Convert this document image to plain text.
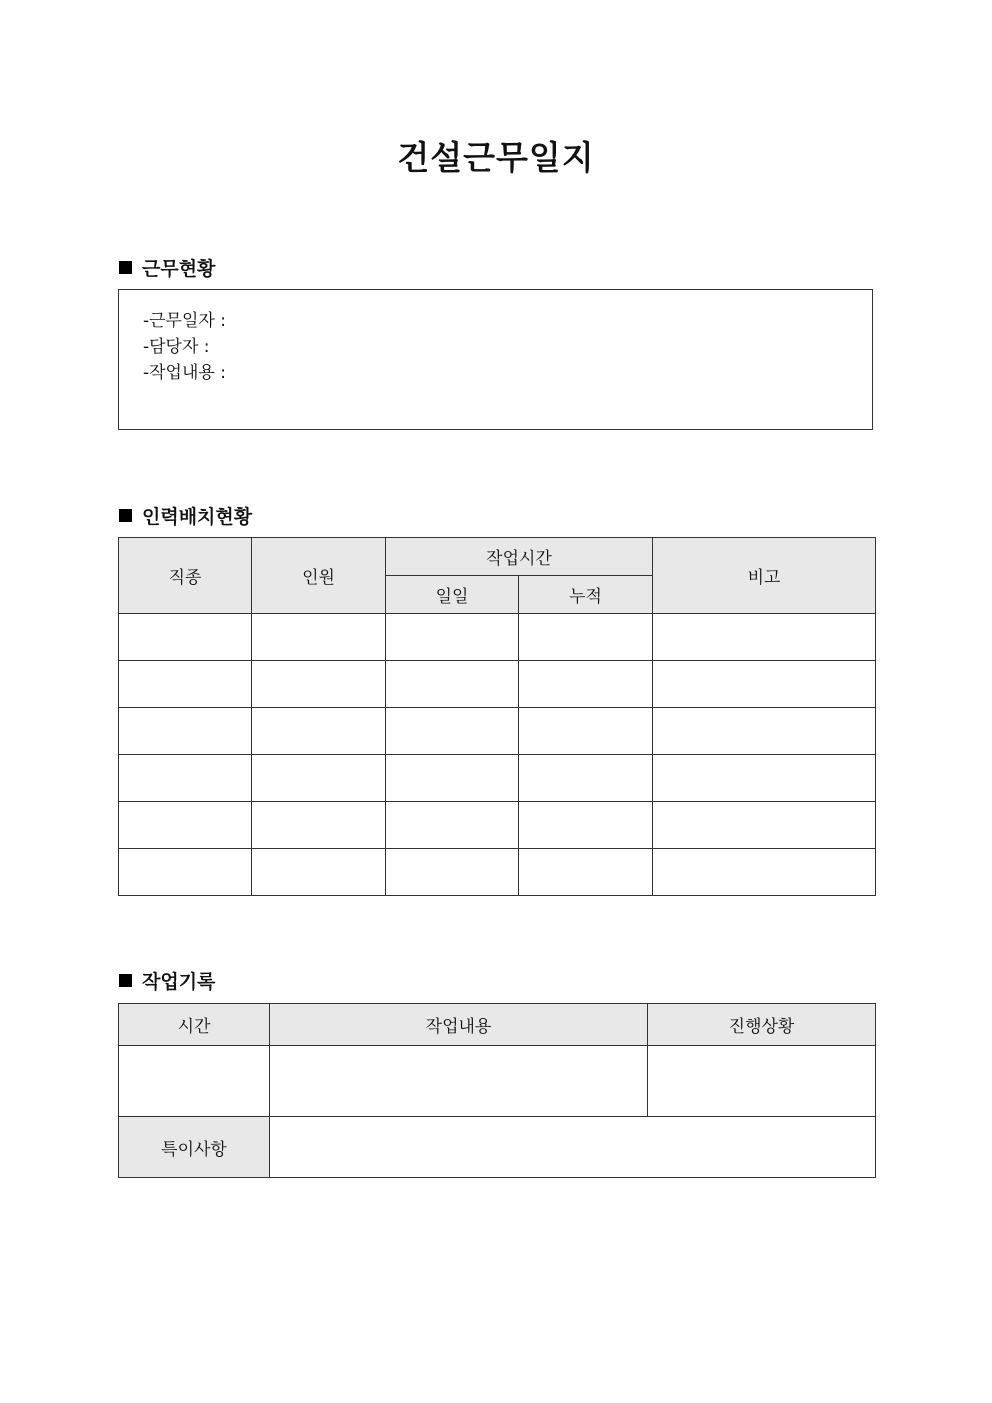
건설근무일지
근무현황
-근무일자 :
-담당자 :
-작업내용 :
인력배치현황
직종	인원	작업시간		비고
		일일	누적	

작업기록
시간	작업내용	진행상황

특이사항		
